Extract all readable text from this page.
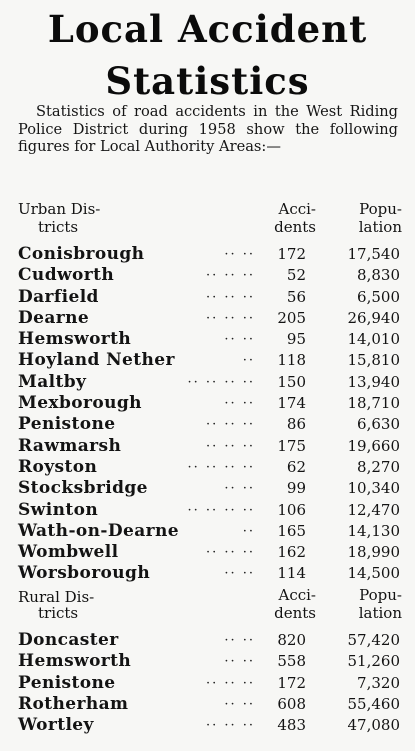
Local Accident
Statistics
Statistics of road accidents in the West Riding Police District during 1958 show the following figures for Local Authority Areas:—
Urban Dis-
tricts
Acci-
dents
Popu-
lation
Conisbrough	·· ··	172	17,540
Cudworth	·· ·· ··	52	8,830
Darfield	·· ·· ··	56	6,500
Dearne	·· ·· ··	205	26,940
Hemsworth	·· ··	95	14,010
Hoyland Nether	··	118	15,810
Maltby	·· ·· ·· ··	150	13,940
Mexborough	·· ··	174	18,710
Penistone	·· ·· ··	86	6,630
Rawmarsh	·· ·· ··	175	19,660
Royston	·· ·· ·· ··	62	8,270
Stocksbridge	·· ··	99	10,340
Swinton	·· ·· ·· ··	106	12,470
Wath-on-Dearne	··	165	14,130
Wombwell	·· ·· ··	162	18,990
Worsborough	·· ··	114	14,500
Rural Dis-
tricts
Acci-
dents
Popu-
lation
Doncaster	·· ··	820	57,420
Hemsworth	·· ··	558	51,260
Penistone	·· ·· ··	172	7,320
Rotherham	·· ··	608	55,460
Wortley	·· ·· ··	483	47,080
